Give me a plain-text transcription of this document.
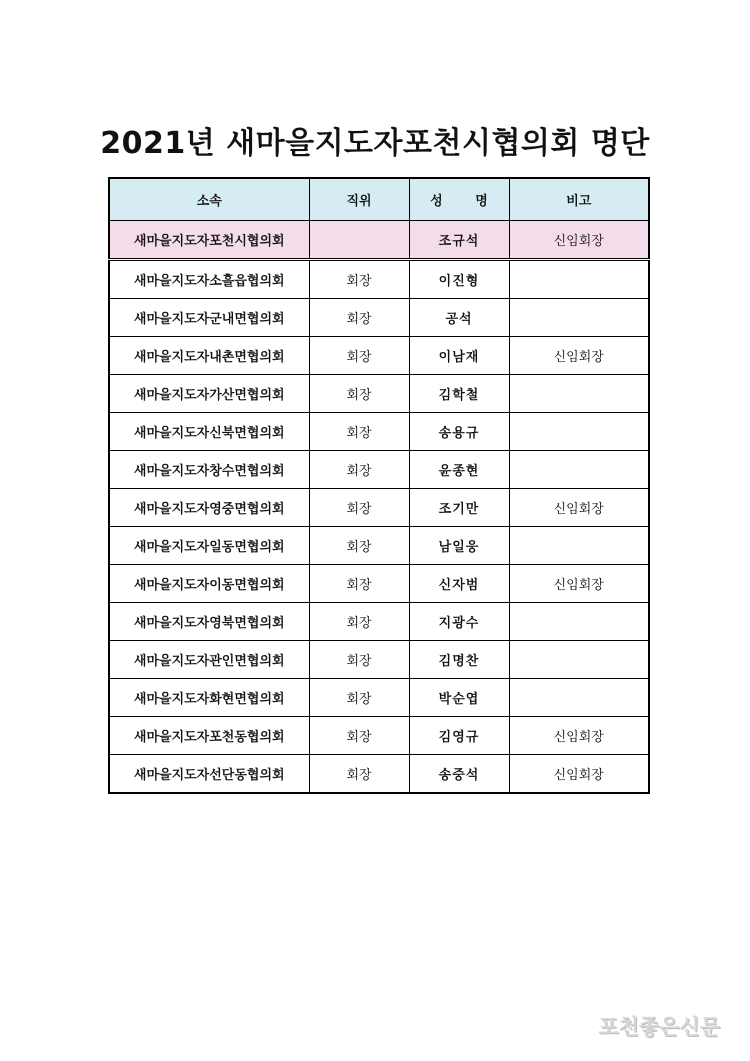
2021년 새마을지도자포천시협의회 명단
소속	직위	성 명	비고
새마을지도자포천시협의회		조규석	신임회장
새마을지도자소흘읍협의회	회장	이진형	
새마을지도자군내면협의회	회장	공석	
새마을지도자내촌면협의회	회장	이남재	신임회장
새마을지도자가산면협의회	회장	김학철	
새마을지도자신북면협의회	회장	송용규	
새마을지도자창수면협의회	회장	윤종현	
새마을지도자영중면협의회	회장	조기만	신임회장
새마을지도자일동면협의회	회장	남일웅	
새마을지도자이동면협의회	회장	신자범	신임회장
새마을지도자영북면협의회	회장	지광수	
새마을지도자관인면협의회	회장	김명찬	
새마을지도자화현면협의회	회장	박순엽	
새마을지도자포천동협의회	회장	김영규	신임회장
새마을지도자선단동협의회	회장	송중석	신임회장
포천좋은신문
